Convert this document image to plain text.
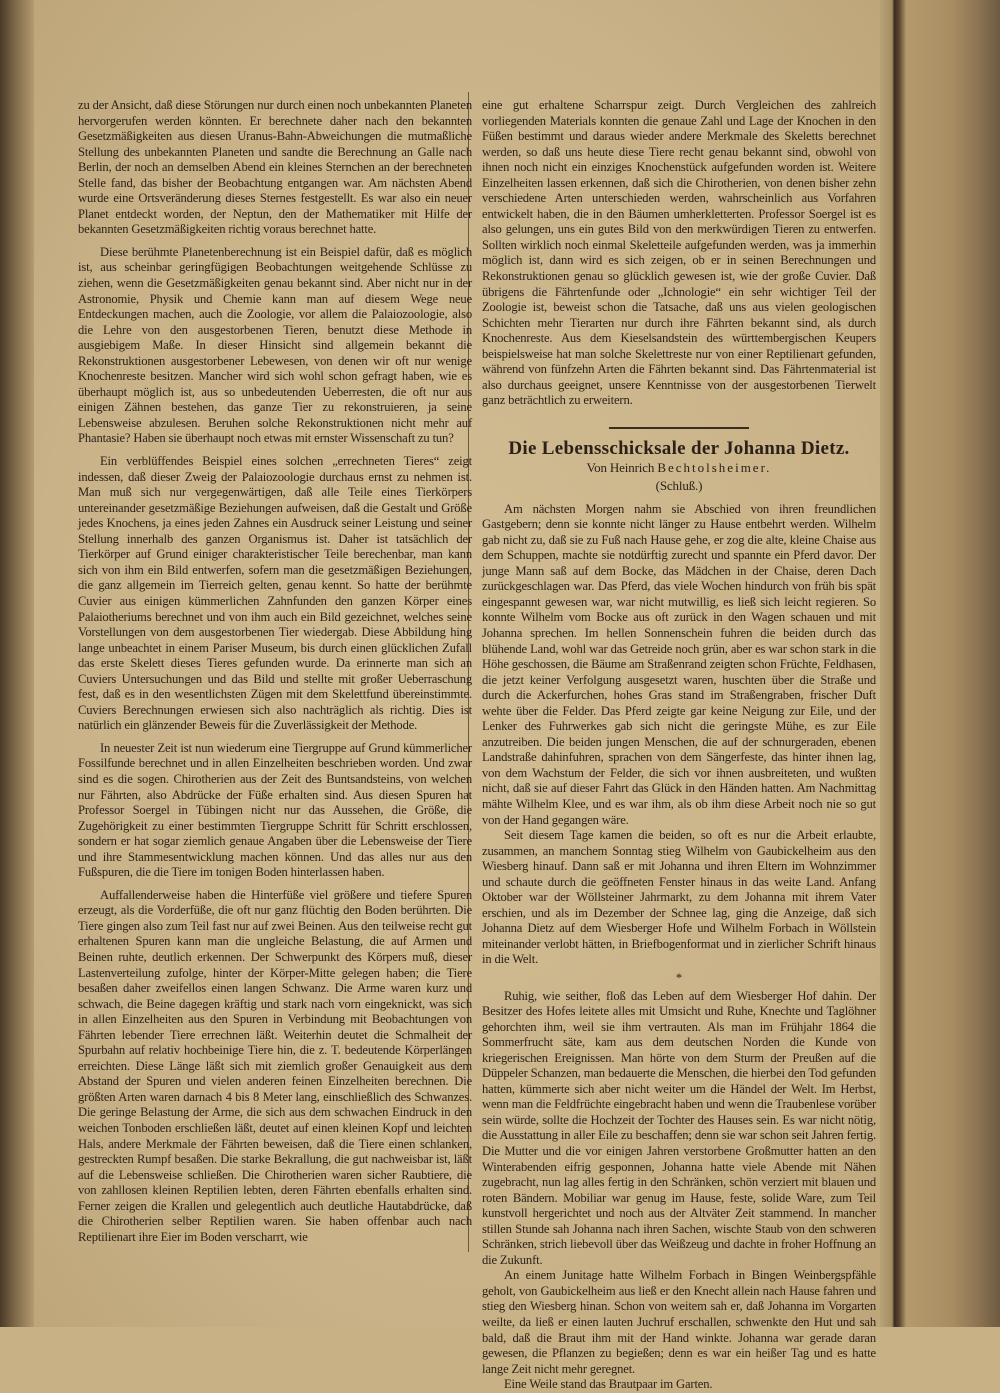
zu der Ansicht, daß diese Störungen nur durch einen noch unbekannten Planeten hervorgerufen werden könnten. Er berechnete daher nach den bekannten Gesetzmäßigkeiten aus diesen Uranus-Bahn-Abweichungen die mutmaßliche Stellung des unbekannten Planeten und sandte die Berechnung an Galle nach Berlin, der noch an demselben Abend ein kleines Sternchen an der berechneten Stelle fand, das bisher der Beobachtung entgangen war. Am nächsten Abend wurde eine Ortsveränderung dieses Sternes festgestellt. Es war also ein neuer Planet entdeckt worden, der Neptun, den der Mathematiker mit Hilfe der bekannten Gesetzmäßigkeiten richtig voraus berechnet hatte.

Diese berühmte Planetenberechnung ist ein Beispiel dafür, daß es möglich ist, aus scheinbar geringfügigen Beobachtungen weitgehende Schlüsse zu ziehen, wenn die Gesetzmäßigkeiten genau bekannt sind. Aber nicht nur in der Astronomie, Physik und Chemie kann man auf diesem Wege neue Entdeckungen machen, auch die Zoologie, vor allem die Palaiozoologie, also die Lehre von den ausgestorbenen Tieren, benutzt diese Methode in ausgiebigem Maße. In dieser Hinsicht sind allgemein bekannt die Rekonstruktionen ausgestorbener Lebewesen, von denen wir oft nur wenige Knochenreste besitzen. Mancher wird sich wohl schon gefragt haben, wie es überhaupt möglich ist, aus so unbedeutenden Ueberresten, die oft nur aus einigen Zähnen bestehen, das ganze Tier zu rekonstruieren, ja seine Lebensweise abzulesen. Beruhen solche Rekonstruktionen nicht mehr auf Phantasie? Haben sie überhaupt noch etwas mit ernster Wissenschaft zu tun?

Ein verblüffendes Beispiel eines solchen „errechneten Tieres“ zeigt indessen, daß dieser Zweig der Palaiozoologie durchaus ernst zu nehmen ist. Man muß sich nur vergegenwärtigen, daß alle Teile eines Tierkörpers untereinander gesetzmäßige Beziehungen aufweisen, daß die Gestalt und Größe jedes Knochens, ja eines jeden Zahnes ein Ausdruck seiner Leistung und seiner Stellung innerhalb des ganzen Organismus ist. Daher ist tatsächlich der Tierkörper auf Grund einiger charakteristischer Teile berechenbar, man kann sich von ihm ein Bild entwerfen, sofern man die gesetzmäßigen Beziehungen, die ganz allgemein im Tierreich gelten, genau kennt. So hatte der berühmte Cuvier aus einigen kümmerlichen Zahnfunden den ganzen Körper eines Palaiotheriums berechnet und von ihm auch ein Bild gezeichnet, welches seine Vorstellungen von dem ausgestorbenen Tier wiedergab. Diese Abbildung hing lange unbeachtet in einem Pariser Museum, bis durch einen glücklichen Zufall das erste Skelett dieses Tieres gefunden wurde. Da erinnerte man sich an Cuviers Untersuchungen und das Bild und stellte mit großer Ueberraschung fest, daß es in den wesentlichsten Zügen mit dem Skelettfund übereinstimmte. Cuviers Berechnungen erwiesen sich also nachträglich als richtig. Dies ist natürlich ein glänzender Beweis für die Zuverlässigkeit der Methode.

In neuester Zeit ist nun wiederum eine Tiergruppe auf Grund kümmerlicher Fossilfunde berechnet und in allen Einzelheiten beschrieben worden. Und zwar sind es die sogen. Chirotherien aus der Zeit des Buntsandsteins, von welchen nur Fährten, also Abdrücke der Füße erhalten sind. Aus diesen Spuren hat Professor Soergel in Tübingen nicht nur das Aussehen, die Größe, die Zugehörigkeit zu einer bestimmten Tiergruppe Schritt für Schritt erschlossen, sondern er hat sogar ziemlich genaue Angaben über die Lebensweise der Tiere und ihre Stammesentwicklung machen können. Und das alles nur aus den Fußspuren, die die Tiere im tonigen Boden hinterlassen haben.

Auffallenderweise haben die Hinterfüße viel größere und tiefere Spuren erzeugt, als die Vorderfüße, die oft nur ganz flüchtig den Boden berührten. Die Tiere gingen also zum Teil fast nur auf zwei Beinen. Aus den teilweise recht gut erhaltenen Spuren kann man die ungleiche Belastung, die auf Armen und Beinen ruhte, deutlich erkennen. Der Schwerpunkt des Körpers muß, dieser Lastenverteilung zufolge, hinter der Körper-Mitte gelegen haben; die Tiere besaßen daher zweifellos einen langen Schwanz. Die Arme waren kurz und schwach, die Beine dagegen kräftig und stark nach vorn eingeknickt, was sich in allen Einzelheiten aus den Spuren in Verbindung mit Beobachtungen von Fährten lebender Tiere errechnen läßt. Weiterhin deutet die Schmalheit der Spurbahn auf relativ hochbeinige Tiere hin, die z. T. bedeutende Körperlängen erreichten. Diese Länge läßt sich mit ziemlich großer Genauigkeit aus dem Abstand der Spuren und vielen anderen feinen Einzelheiten berechnen. Die größten Arten waren darnach 4 bis 8 Meter lang, einschließlich des Schwanzes. Die geringe Belastung der Arme, die sich aus dem schwachen Eindruck in den weichen Tonboden erschließen läßt, deutet auf einen kleinen Kopf und leichten Hals, andere Merkmale der Fährten beweisen, daß die Tiere einen schlanken, gestreckten Rumpf besaßen. Die starke Bekrallung, die gut nachweisbar ist, läßt auf die Lebensweise schließen. Die Chirotherien waren sicher Raubtiere, die von zahllosen kleinen Reptilien lebten, deren Fährten ebenfalls erhalten sind. Ferner zeigen die Krallen und gelegentlich auch deutliche Hautabdrücke, daß die Chirotherien selber Reptilien waren. Sie haben offenbar auch nach Reptilienart ihre Eier im Boden verscharrt, wie

eine gut erhaltene Scharrspur zeigt. Durch Vergleichen des zahlreich vorliegenden Materials konnten die genaue Zahl und Lage der Knochen in den Füßen bestimmt und daraus wieder andere Merkmale des Skeletts berechnet werden, so daß uns heute diese Tiere recht genau bekannt sind, obwohl von ihnen noch nicht ein einziges Knochenstück aufgefunden worden ist. Weitere Einzelheiten lassen erkennen, daß sich die Chirotherien, von denen bisher zehn verschiedene Arten unterschieden werden, wahrscheinlich aus Vorfahren entwickelt haben, die in den Bäumen umherkletterten. Professor Soergel ist es also gelungen, uns ein gutes Bild von den merkwürdigen Tieren zu entwerfen. Sollten wirklich noch einmal Skeletteile aufgefunden werden, was ja immerhin möglich ist, dann wird es sich zeigen, ob er in seinen Berechnungen und Rekonstruktionen genau so glücklich gewesen ist, wie der große Cuvier. Daß übrigens die Fährtenfunde oder „Ichnologie“ ein sehr wichtiger Teil der Zoologie ist, beweist schon die Tatsache, daß uns aus vielen geologischen Schichten mehr Tierarten nur durch ihre Fährten bekannt sind, als durch Knochenreste. Aus dem Kieselsandstein des württembergischen Keupers beispielsweise hat man solche Skelettreste nur von einer Reptilienart gefunden, während von fünfzehn Arten die Fährten bekannt sind. Das Fährtenmaterial ist also durchaus geeignet, unsere Kenntnisse von der ausgestorbenen Tierwelt ganz beträchtlich zu erweitern.

Die Lebensschicksale der Johanna Dietz.
Von Heinrich Bechtolsheimer.
(Schluß.)

Am nächsten Morgen nahm sie Abschied von ihren freundlichen Gastgebern; denn sie konnte nicht länger zu Hause entbehrt werden. Wilhelm gab nicht zu, daß sie zu Fuß nach Hause gehe, er zog die alte, kleine Chaise aus dem Schuppen, machte sie notdürftig zurecht und spannte ein Pferd davor. Der junge Mann saß auf dem Bocke, das Mädchen in der Chaise, deren Dach zurückgeschlagen war. Das Pferd, das viele Wochen hindurch von früh bis spät eingespannt gewesen war, war nicht mutwillig, es ließ sich leicht regieren. So konnte Wilhelm vom Bocke aus oft zurück in den Wagen schauen und mit Johanna sprechen. Im hellen Sonnenschein fuhren die beiden durch das blühende Land, wohl war das Getreide noch grün, aber es war schon stark in die Höhe geschossen, die Bäume am Straßenrand zeigten schon Früchte, Feldhasen, die jetzt keiner Verfolgung ausgesetzt waren, huschten über die Straße und durch die Ackerfurchen, hohes Gras stand im Straßengraben, frischer Duft wehte über die Felder. Das Pferd zeigte gar keine Neigung zur Eile, und der Lenker des Fuhrwerkes gab sich nicht die geringste Mühe, es zur Eile anzutreiben. Die beiden jungen Menschen, die auf der schnurgeraden, ebenen Landstraße dahinfuhren, sprachen von dem Sängerfeste, das hinter ihnen lag, von dem Wachstum der Felder, die sich vor ihnen ausbreiteten, und wußten nicht, daß sie auf dieser Fahrt das Glück in den Händen hatten. Am Nachmittag mähte Wilhelm Klee, und es war ihm, als ob ihm diese Arbeit noch nie so gut von der Hand gegangen wäre.

Seit diesem Tage kamen die beiden, so oft es nur die Arbeit erlaubte, zusammen, an manchem Sonntag stieg Wilhelm von Gaubickelheim aus den Wiesberg hinauf. Dann saß er mit Johanna und ihren Eltern im Wohnzimmer und schaute durch die geöffneten Fenster hinaus in das weite Land. Anfang Oktober war der Wöllsteiner Jahrmarkt, zu dem Johanna mit ihrem Vater erschien, und als im Dezember der Schnee lag, ging die Anzeige, daß sich Johanna Dietz auf dem Wiesberger Hofe und Wilhelm Forbach in Wöllstein miteinander verlobt hätten, in Briefbogenformat und in zierlicher Schrift hinaus in die Welt.

*

Ruhig, wie seither, floß das Leben auf dem Wiesberger Hof dahin. Der Besitzer des Hofes leitete alles mit Umsicht und Ruhe, Knechte und Taglöhner gehorchten ihm, weil sie ihm vertrauten. Als man im Frühjahr 1864 die Sommerfrucht säte, kam aus dem deutschen Norden die Kunde von kriegerischen Ereignissen. Man hörte von dem Sturm der Preußen auf die Düppeler Schanzen, man bedauerte die Menschen, die hierbei den Tod gefunden hatten, kümmerte sich aber nicht weiter um die Händel der Welt. Im Herbst, wenn man die Feldfrüchte eingebracht haben und wenn die Traubenlese vorüber sein würde, sollte die Hochzeit der Tochter des Hauses sein. Es war nicht nötig, die Ausstattung in aller Eile zu beschaffen; denn sie war schon seit Jahren fertig. Die Mutter und die vor einigen Jahren verstorbene Großmutter hatten an den Winterabenden eifrig gesponnen, Johanna hatte viele Abende mit Nähen zugebracht, nun lag alles fertig in den Schränken, schön verziert mit blauen und roten Bändern. Mobiliar war genug im Hause, feste, solide Ware, zum Teil kunstvoll hergerichtet und noch aus der Altväter Zeit stammend. In mancher stillen Stunde sah Johanna nach ihren Sachen, wischte Staub von den schweren Schränken, strich liebevoll über das Weißzeug und dachte in froher Hoffnung an die Zukunft.

An einem Junitage hatte Wilhelm Forbach in Bingen Weinbergspfähle geholt, von Gaubickelheim aus ließ er den Knecht allein nach Hause fahren und stieg den Wiesberg hinan. Schon von weitem sah er, daß Johanna im Vorgarten weilte, da ließ er einen lauten Juchruf erschallen, schwenkte den Hut und sah bald, daß die Braut ihm mit der Hand winkte. Johanna war gerade daran gewesen, die Pflanzen zu begießen; denn es war ein heißer Tag und es hatte lange Zeit nicht mehr geregnet.

Eine Weile stand das Brautpaar im Garten.
